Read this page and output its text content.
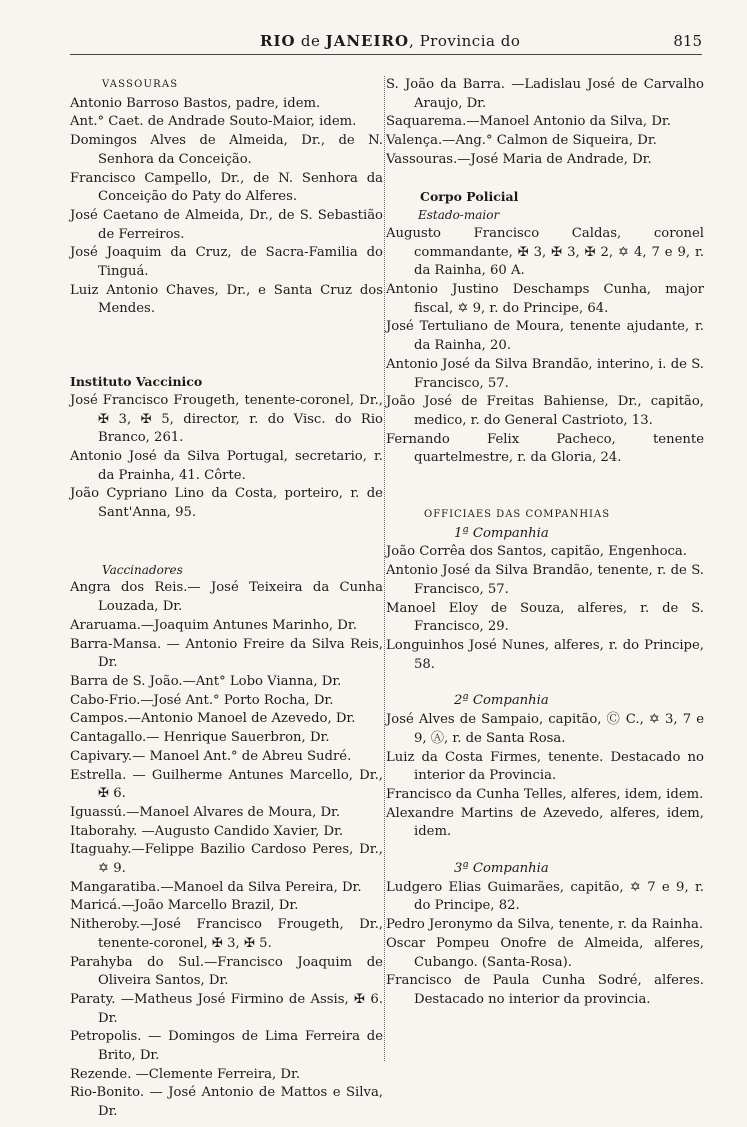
RIO de JANEIRO, Provincia do	815

VASSOURAS

Antonio Barroso Bastos, padre, idem.

Ant.° Caet. de Andrade Souto-Maior, idem.

Domingos Alves de Almeida, Dr., de N. Senhora da Conceição.

Francisco Campello, Dr., de N. Senhora da Conceição do Paty do Alferes.

José Caetano de Almeida, Dr., de S. Sebastião de Ferreiros.

José Joaquim da Cruz, de Sacra-Familia do Tinguá.

Luiz Antonio Chaves, Dr., e Santa Cruz dos Mendes.

Instituto Vaccinico

José Francisco Frougeth, tenente-coronel, Dr., ✠ 3, ✠ 5, director, r. do Visc. do Rio Branco, 261.

Antonio José da Silva Portugal, secretario, r. da Prainha, 41. Côrte.

João Cypriano Lino da Costa, porteiro, r. de Sant'Anna, 95.

Vaccinadores

Angra dos Reis.— José Teixeira da Cunha Louzada, Dr.

Araruama.—Joaquim Antunes Marinho, Dr.

Barra-Mansa. — Antonio Freire da Silva Reis, Dr.

Barra de S. João.—Ant° Lobo Vianna, Dr.

Cabo-Frio.—José Ant.° Porto Rocha, Dr.

Campos.—Antonio Manoel de Azevedo, Dr.

Cantagallo.— Henrique Sauerbron, Dr.

Capivary.— Manoel Ant.° de Abreu Sudré.

Estrella. — Guilherme Antunes Marcello, Dr., ✠ 6.

Iguassú.—Manoel Alvares de Moura, Dr.

Itaborahy. —Augusto Candido Xavier, Dr.

Itaguahy.—Felippe Bazilio Cardoso Peres, Dr., ✡ 9.

Mangaratiba.—Manoel da Silva Pereira, Dr.

Maricá.—João Marcello Brazil, Dr.

Nitheroby.—José Francisco Frougeth, Dr., tenente-coronel, ✠ 3, ✠ 5.

Parahyba do Sul.—Francisco Joaquim de Oliveira Santos, Dr.

Paraty. —Matheus José Firmino de Assis, ✠ 6. Dr.

Petropolis. — Domingos de Lima Ferreira de Brito, Dr.

Rezende. —Clemente Ferreira, Dr.

Rio-Bonito. — José Antonio de Mattos e Silva, Dr.

S. João da Barra. —Ladislau José de Carvalho Araujo, Dr.

Saquarema.—Manoel Antonio da Silva, Dr.

Valença.—Ang.° Calmon de Siqueira, Dr.

Vassouras.—José Maria de Andrade, Dr.

Corpo Policial

Estado-maior

Augusto Francisco Caldas, coronel commandante, ✠ 3, ✠ 3, ✠ 2, ✡ 4, 7 e 9, r. da Rainha, 60 A.

Antonio Justino Deschamps Cunha, major fiscal, ✡ 9, r. do Principe, 64.

José Tertuliano de Moura, tenente ajudante, r. da Rainha, 20.

Antonio José da Silva Brandão, interino, i. de S. Francisco, 57.

João José de Freitas Bahiense, Dr., capitão, medico, r. do General Castrioto, 13.

Fernando Felix Pacheco, tenente quartelmestre, r. da Gloria, 24.

OFFICIAES DAS COMPANHIAS

1ª Companhia

João Corrêa dos Santos, capitão, Engenhoca.

Antonio José da Silva Brandão, tenente, r. de S. Francisco, 57.

Manoel Eloy de Souza, alferes, r. de S. Francisco, 29.

Longuinhos José Nunes, alferes, r. do Principe, 58.

2ª Companhia

José Alves de Sampaio, capitão, Ⓒ C., ✡ 3, 7 e 9, Ⓐ, r. de Santa Rosa.

Luiz da Costa Firmes, tenente. Destacado no interior da Provincia.

Francisco da Cunha Telles, alferes, idem, idem.

Alexandre Martins de Azevedo, alferes, idem, idem.

3ª Companhia

Ludgero Elias Guimarães, capitão, ✡ 7 e 9, r. do Principe, 82.

Pedro Jeronymo da Silva, tenente, r. da Rainha.

Oscar Pompeu Onofre de Almeida, alferes, Cubango. (Santa-Rosa).

Francisco de Paula Cunha Sodré, alferes. Destacado no interior da provincia.
